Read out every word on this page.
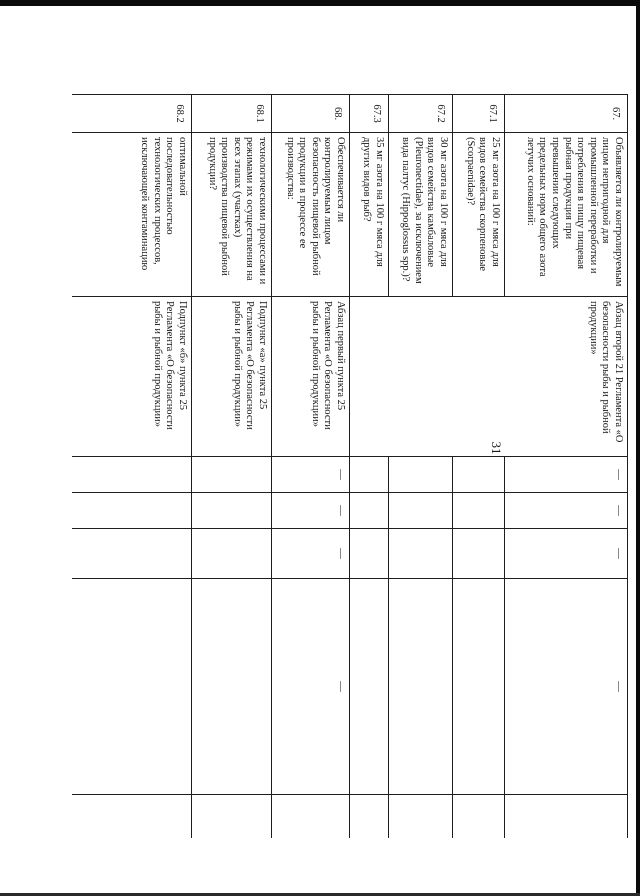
31
67.	Объявляется ли контролируемым лицом непригодной для промышленной переработки и потребления в пищу пищевая рыбная продукция при превышении следующих предельных норм общего азота летучих оснований:	Абзац второй 21 Регламента «О безопасности рыбы и рыбной продукции»	—	—	—	—	
67.1	25 мг азота на 100 г мяса для видов семейства скорпеновые (Scorpaenidae)?						
67.2	30 мг азота на 100 г мяса для видов семейства камбаловые (Pleuronectidae), за исключением вида палтус (Hippoglossus spp.)?						
67.3	35 мг азота на 100 г мяса для других видов рыб?						
68.	Обеспечивается ли контролируемым лицом безопасность пищевой рыбной продукции в процессе ее производства:	Абзац первый пункта 25 Регламента «О безопасности рыбы и рыбной продукции»	—	—	—	—	
68.1	технологическими процессами и режимами их осуществления на всех этапах (участках) производства пищевой рыбной продукции?	Подпункт «а» пункта 25 Регламента «О безопасности рыбы и рыбной продукции»					
68.2	оптимальной последовательностью технологических процессов, исключающей контаминацию	Подпункт «б» пункта 25 Регламента «О безопасности рыбы и рыбной продукции»					
